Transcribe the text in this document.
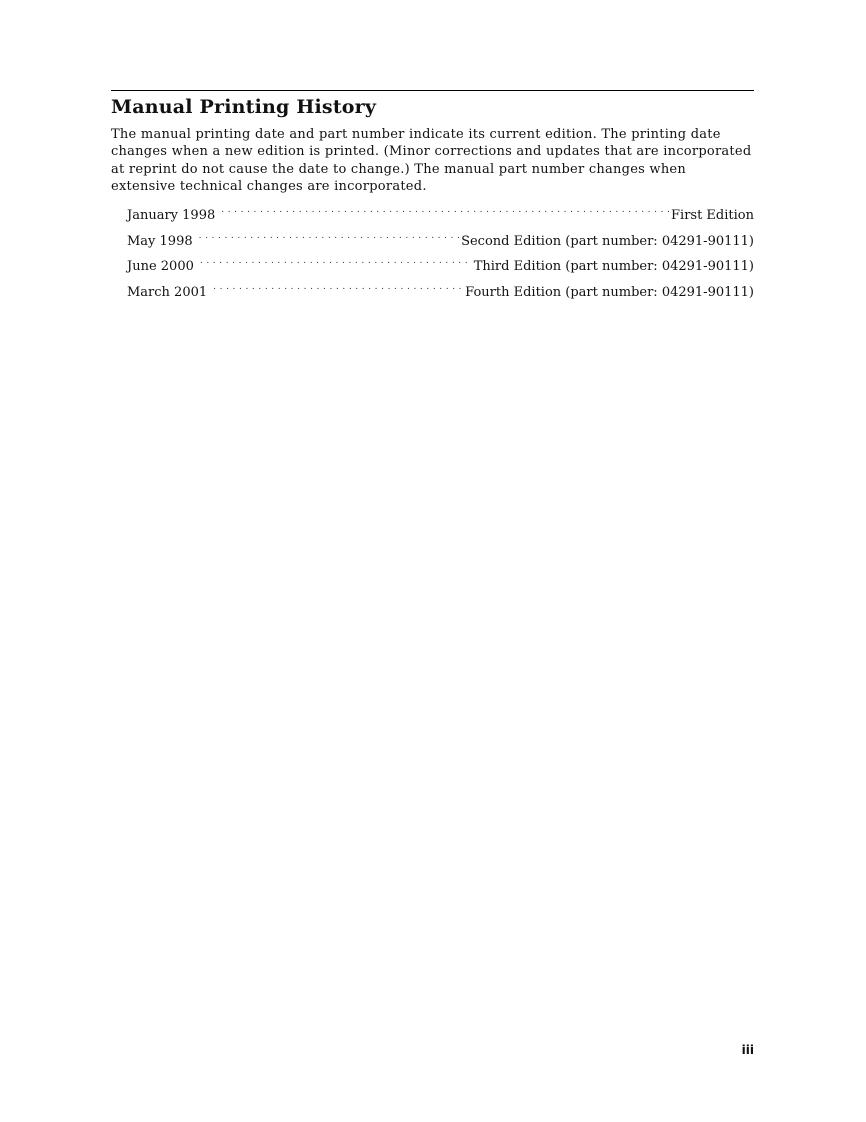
Manual Printing History

The manual printing date and part number indicate its current edition. The printing date changes when a new edition is printed. (Minor corrections and updates that are incorporated at reprint do not cause the date to change.) The manual part number changes when extensive technical changes are incorporated.

January 1998 .....	First Edition
May 1998 .....	Second Edition (part number: 04291-90111)
June 2000 .....	Third Edition (part number: 04291-90111)
March 2001 .....	Fourth Edition (part number: 04291-90111)

iii
